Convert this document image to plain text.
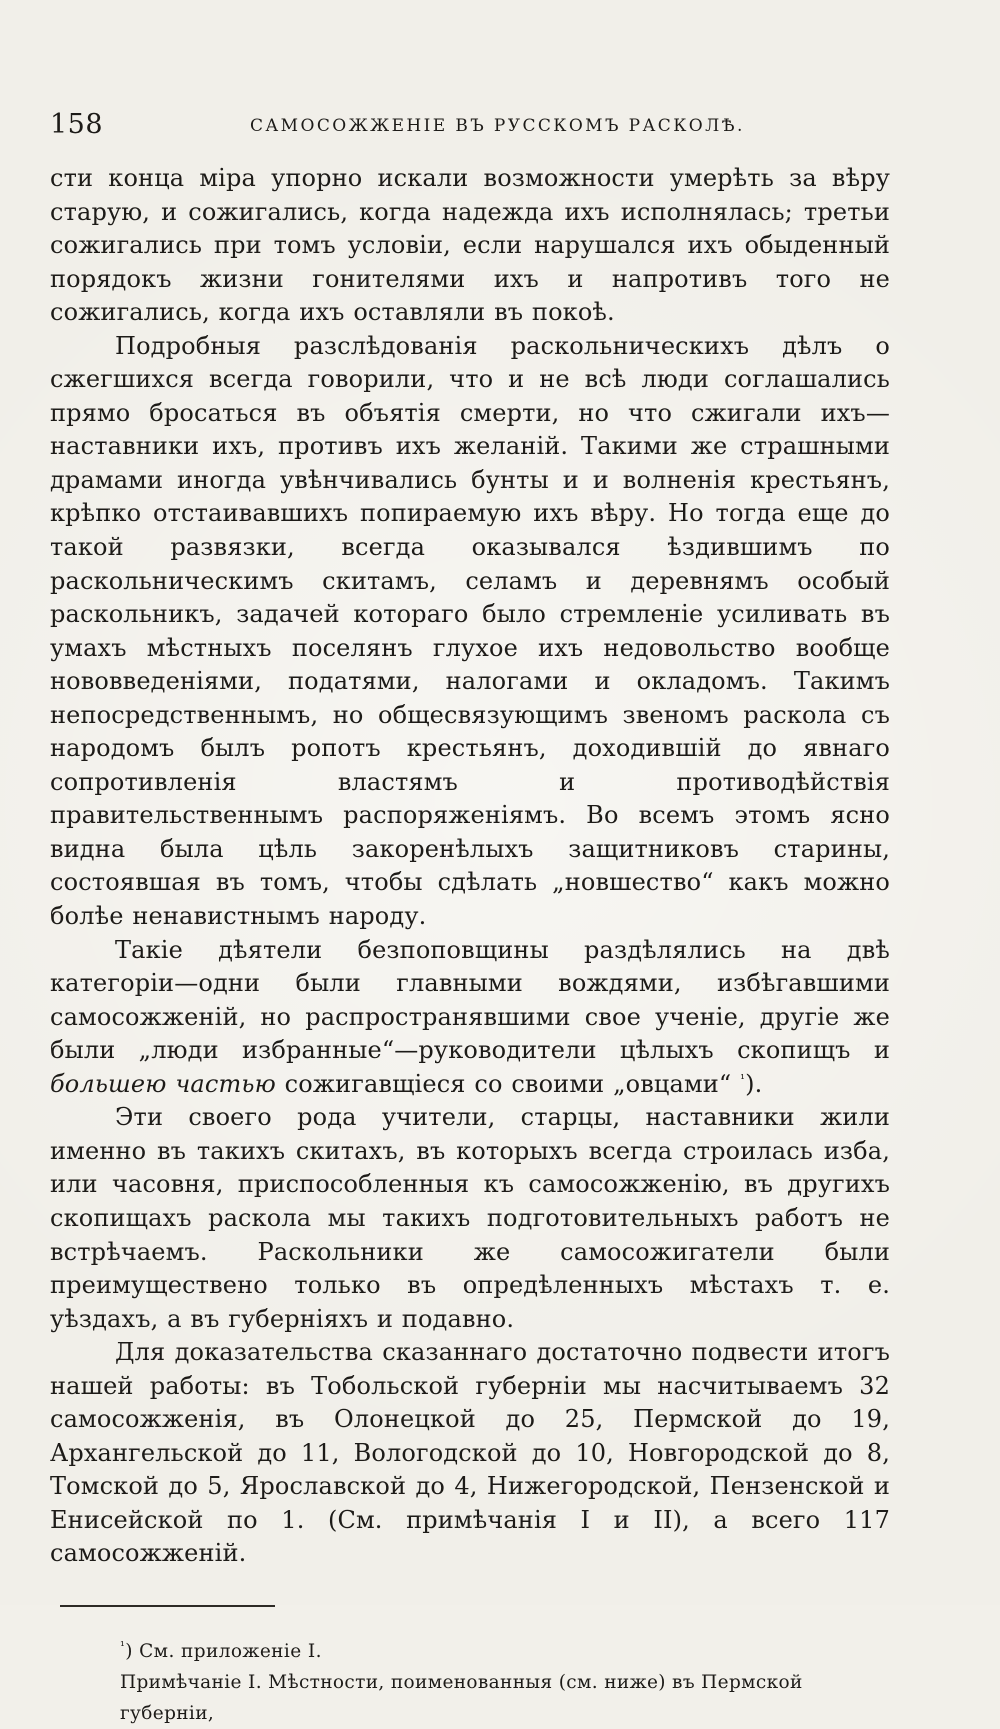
158	САМОСОЖЖЕНІЕ ВЪ РУССКОМЪ РАСКОЛѢ.

сти конца міра упорно искали возможности умерѣть за вѣру старую, и сожигались, когда надежда ихъ исполнялась; третьи сожигались при томъ условіи, если нарушался ихъ обыденный порядокъ жизни гонителями ихъ и напротивъ того не сожигались, когда ихъ оставляли въ покоѣ.

Подробныя разслѣдованія раскольническихъ дѣлъ о сжегшихся всегда говорили, что и не всѣ люди соглашались прямо бросаться въ объятія смерти, но что сжигали ихъ—наставники ихъ, противъ ихъ желаній. Такими же страшными драмами иногда увѣнчивались бунты и и волненія крестьянъ, крѣпко отстаивавшихъ попираемую ихъ вѣру. Но тогда еще до такой развязки, всегда оказывался ѣздившимъ по раскольническимъ скитамъ, селамъ и деревнямъ особый раскольникъ, задачей котораго было стремленіе усиливать въ умахъ мѣстныхъ поселянъ глухое ихъ недовольство вообще нововведеніями, податями, налогами и окладомъ. Такимъ непосредственнымъ, но общесвязующимъ звеномъ раскола съ народомъ былъ ропотъ крестьянъ, доходившій до явнаго сопротивленія властямъ и противодѣйствія правительственнымъ распоряженіямъ. Во всемъ этомъ ясно видна была цѣль закоренѣлыхъ защитниковъ старины, состоявшая въ томъ, чтобы сдѣлать „новшество“ какъ можно болѣе ненавистнымъ народу.

Такіе дѣятели безпоповщины раздѣлялись на двѣ категоріи—одни были главными вождями, избѣгавшими самосожженій, но распространявшими свое ученіе, другіе же были „люди избранные“—руководители цѣлыхъ скопищъ и большею частью сожигавщіеся со своими „овцами“ $^{^1}$).

Эти своего рода учители, старцы, наставники жили именно въ такихъ скитахъ, въ которыхъ всегда строилась изба, или часовня, приспособленныя къ самосожженію, въ другихъ скопищахъ раскола мы такихъ подготовительныхъ работъ не встрѣчаемъ. Раскольники же самосожигатели были преимуществено только въ опредѣленныхъ мѣстахъ т. е. уѣздахъ, а въ губерніяхъ и подавно.

Для доказательства сказаннаго достаточно подвести итогъ нашей работы: въ Тобольской губерніи мы насчитываемъ 32 самосожженія, въ Олонецкой до 25, Пермской до 19, Архангельской до 11, Вологодской до 10, Новгородской до 8, Томской до 5, Ярославской до 4, Нижегородской, Пензенской и Енисейской по 1. (См. примѣчанія I и II), а всего 117 самосожженій.

$^{^1}$) См. приложеніе I.
Примѣчаніе I. Мѣстности, поименованныя (см. ниже) въ Пермской губерніи,
